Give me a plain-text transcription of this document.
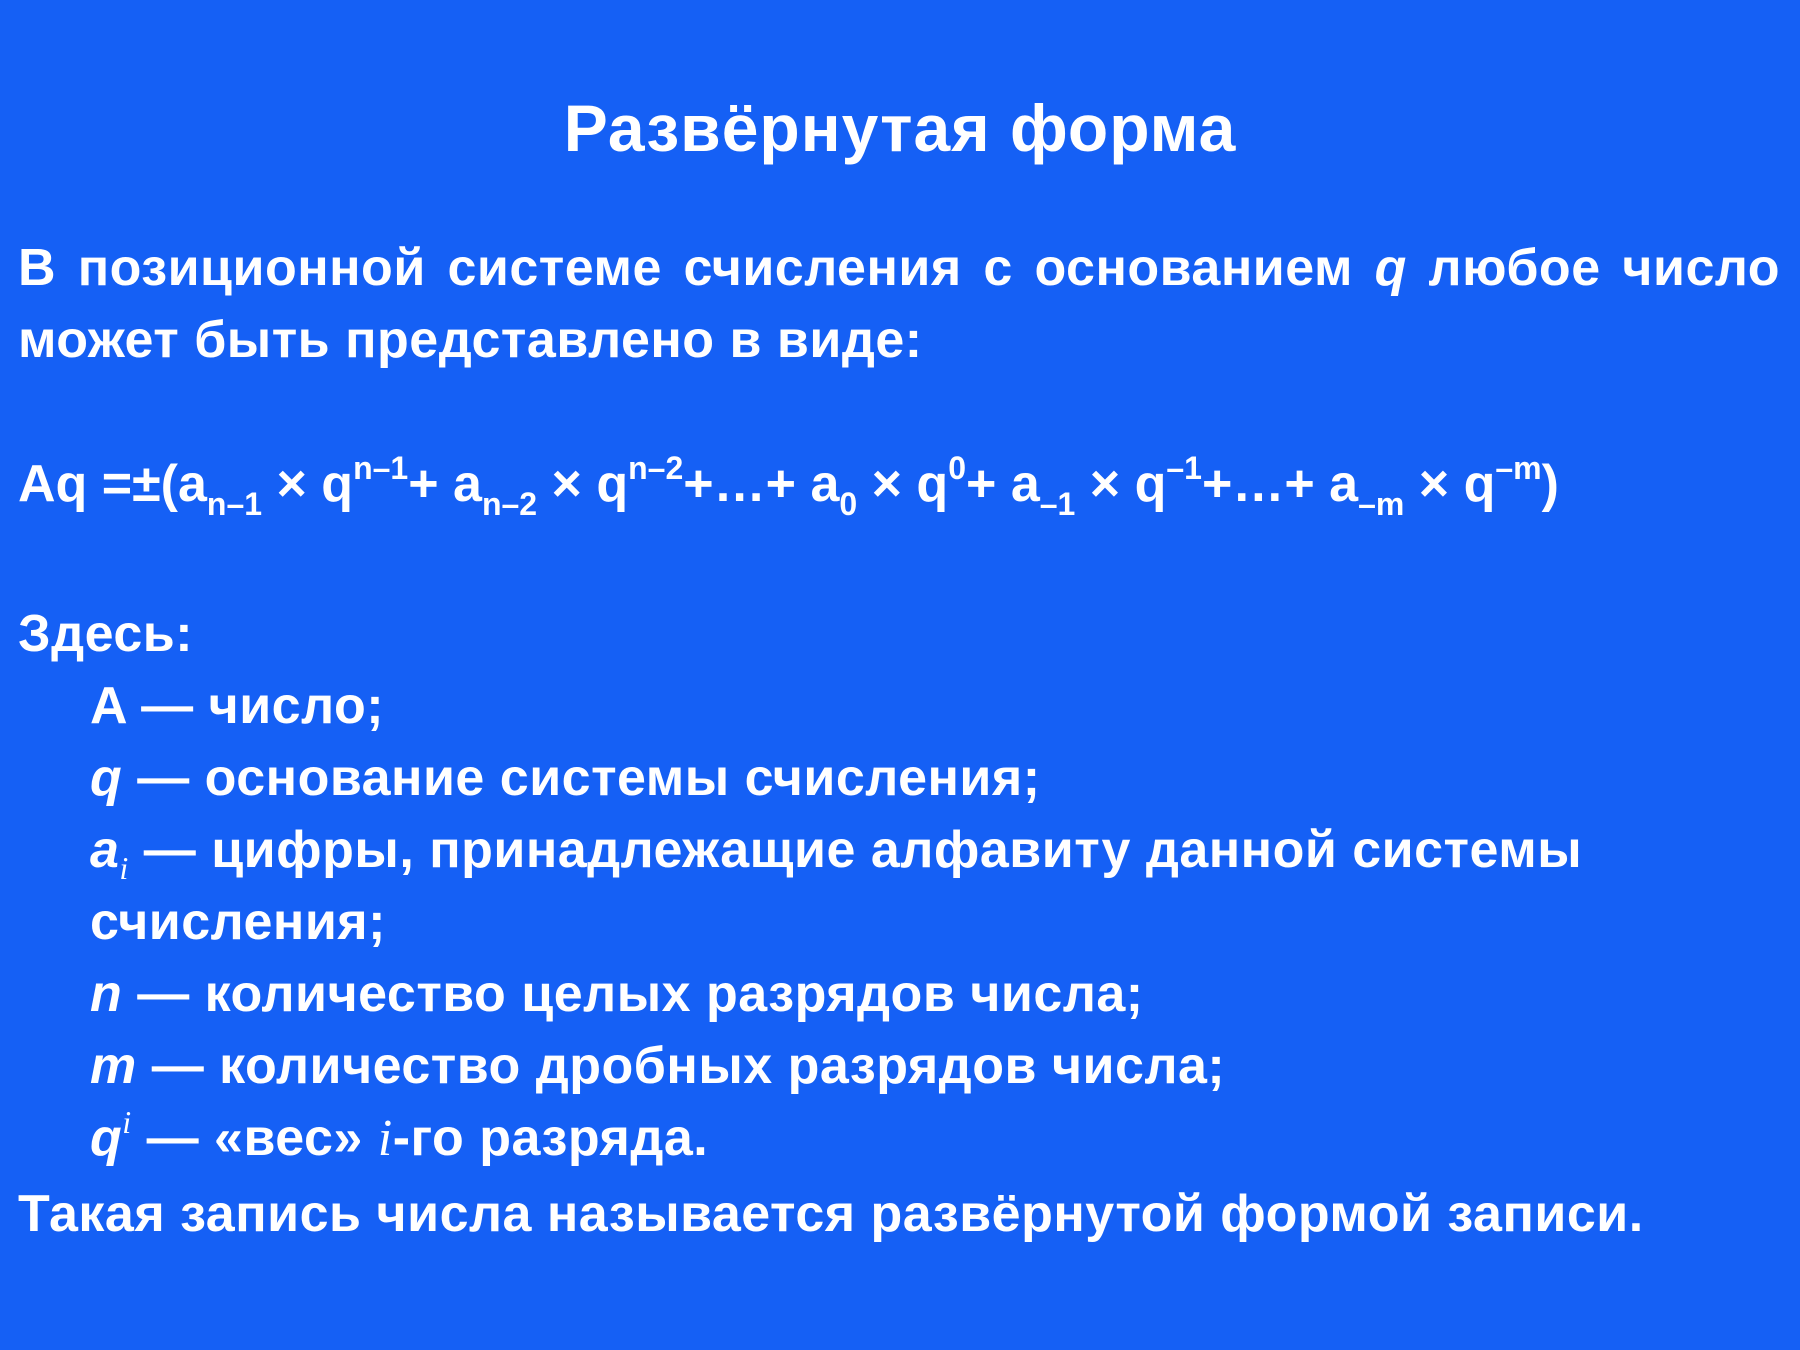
Развёрнутая форма
В позиционной системе счисления с основанием q любое число может быть представлено в виде:
$Aq =\pm(a_{n-1} \times q^{n-1}+ a_{n-2}$ × $q^{n-2}+\dots+ a_0 \times q^0+ a_{-1}$ × $q^{-1}+\dots+ a_{-m} \times q^{-m}$)
Здесь:
A — число;
q — основание системы счисления;
$a_i$ — цифры, принадлежащие алфавиту данной системы
счисления;
n — количество целых разрядов числа;
m — количество дробных разрядов числа;
$q^i$ — «вес» i-го разряда.
Такая запись числа называется развёрнутой формой записи.
